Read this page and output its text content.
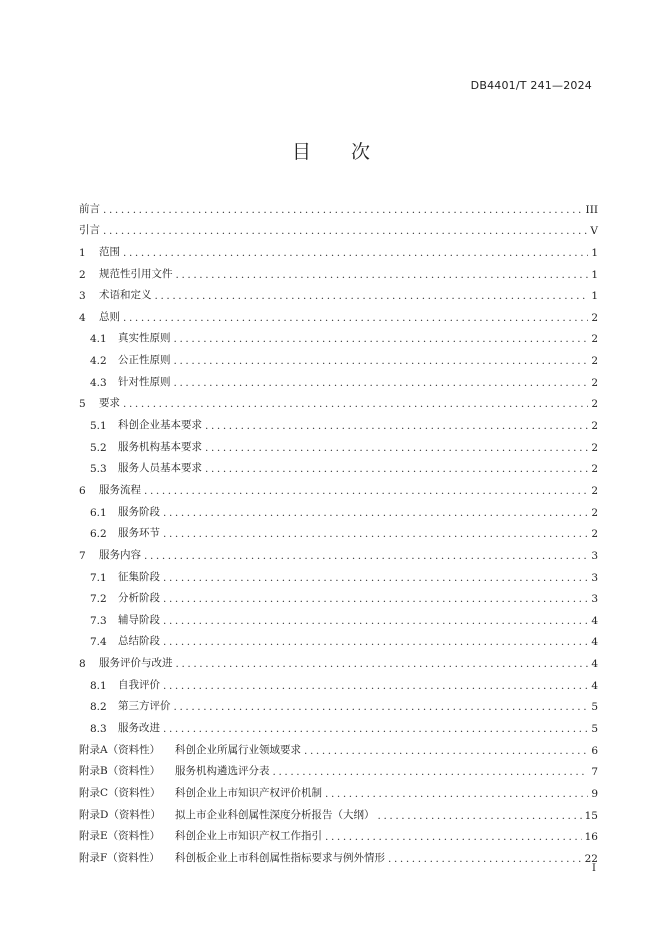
DB4401/T 241—2024
目 次
前言 .....	III
引言 .....	V
1	范围 .....	1
2	规范性引用文件 .....	1
3	术语和定义 .....	1
4	总则 .....	2
4.1	真实性原则 .....	2
4.2	公正性原则 .....	2
4.3	针对性原则 .....	2
5	要求 .....	2
5.1	科创企业基本要求 .....	2
5.2	服务机构基本要求 .....	2
5.3	服务人员基本要求 .....	2
6	服务流程 .....	2
6.1	服务阶段 .....	2
6.2	服务环节 .....	2
7	服务内容 .....	3
7.1	征集阶段 .....	3
7.2	分析阶段 .....	3
7.3	辅导阶段 .....	4
7.4	总结阶段 .....	4
8	服务评价与改进 .....	4
8.1	自我评价 .....	4
8.2	第三方评价 .....	5
8.3	服务改进 .....	5
附录A（资料性）	科创企业所属行业领域要求 .....	6
附录B（资料性）	服务机构遴选评分表 .....	7
附录C（资料性）	科创企业上市知识产权评价机制 .....	9
附录D（资料性）	拟上市企业科创属性深度分析报告（大纲） .....	15
附录E（资料性）	科创企业上市知识产权工作指引 .....	16
附录F（资料性）	科创板企业上市科创属性指标要求与例外情形 .....	22
I
